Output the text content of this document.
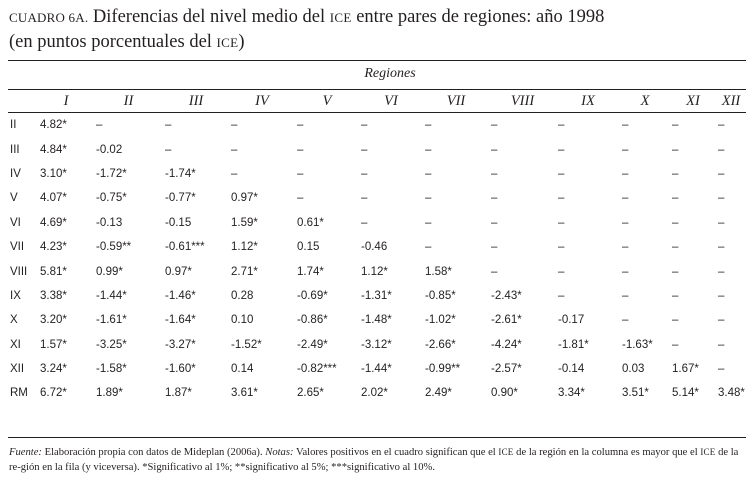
CUADRO 6A. Diferencias del nivel medio del ICE entre pares de regiones: año 1998
(en puntos porcentuales del ICE)
Regiones
	I	II	III	IV	V	VI	VII	VIII	IX	X	XI	XII
II	4.82*	–	–	–	–	–	–	–	–	–	–	–
III	4.84*	-0.02	–	–	–	–	–	–	–	–	–	–
IV	3.10*	-1.72*	-1.74*	–	–	–	–	–	–	–	–	–
V	4.07*	-0.75*	-0.77*	0.97*	–	–	–	–	–	–	–	–
VI	4.69*	-0.13	-0.15	1.59*	0.61*	–	–	–	–	–	–	–
VII	4.23*	-0.59**	-0.61***	1.12*	0.15	-0.46	–	–	–	–	–	–
VIII	5.81*	0.99*	0.97*	2.71*	1.74*	1.12*	1.58*	–	–	–	–	–
IX	3.38*	-1.44*	-1.46*	0.28	-0.69*	-1.31*	-0.85*	-2.43*	–	–	–	–
X	3.20*	-1.61*	-1.64*	0.10	-0.86*	-1.48*	-1.02*	-2.61*	-0.17	–	–	–
XI	1.57*	-3.25*	-3.27*	-1.52*	-2.49*	-3.12*	-2.66*	-4.24*	-1.81*	-1.63*	–	–
XII	3.24*	-1.58*	-1.60*	0.14	-0.82***	-1.44*	-0.99**	-2.57*	-0.14	0.03	1.67*	–
RM	6.72*	1.89*	1.87*	3.61*	2.65*	2.02*	2.49*	0.90*	3.34*	3.51*	5.14*	3.48*
Fuente: Elaboración propia con datos de Mideplan (2006a). Notas: Valores positivos en el cuadro significan que el ICE de la región en la columna es mayor que el ICE de la re-gión en la fila (y viceversa). *Significativo al 1%; **significativo al 5%; ***significativo al 10%.
